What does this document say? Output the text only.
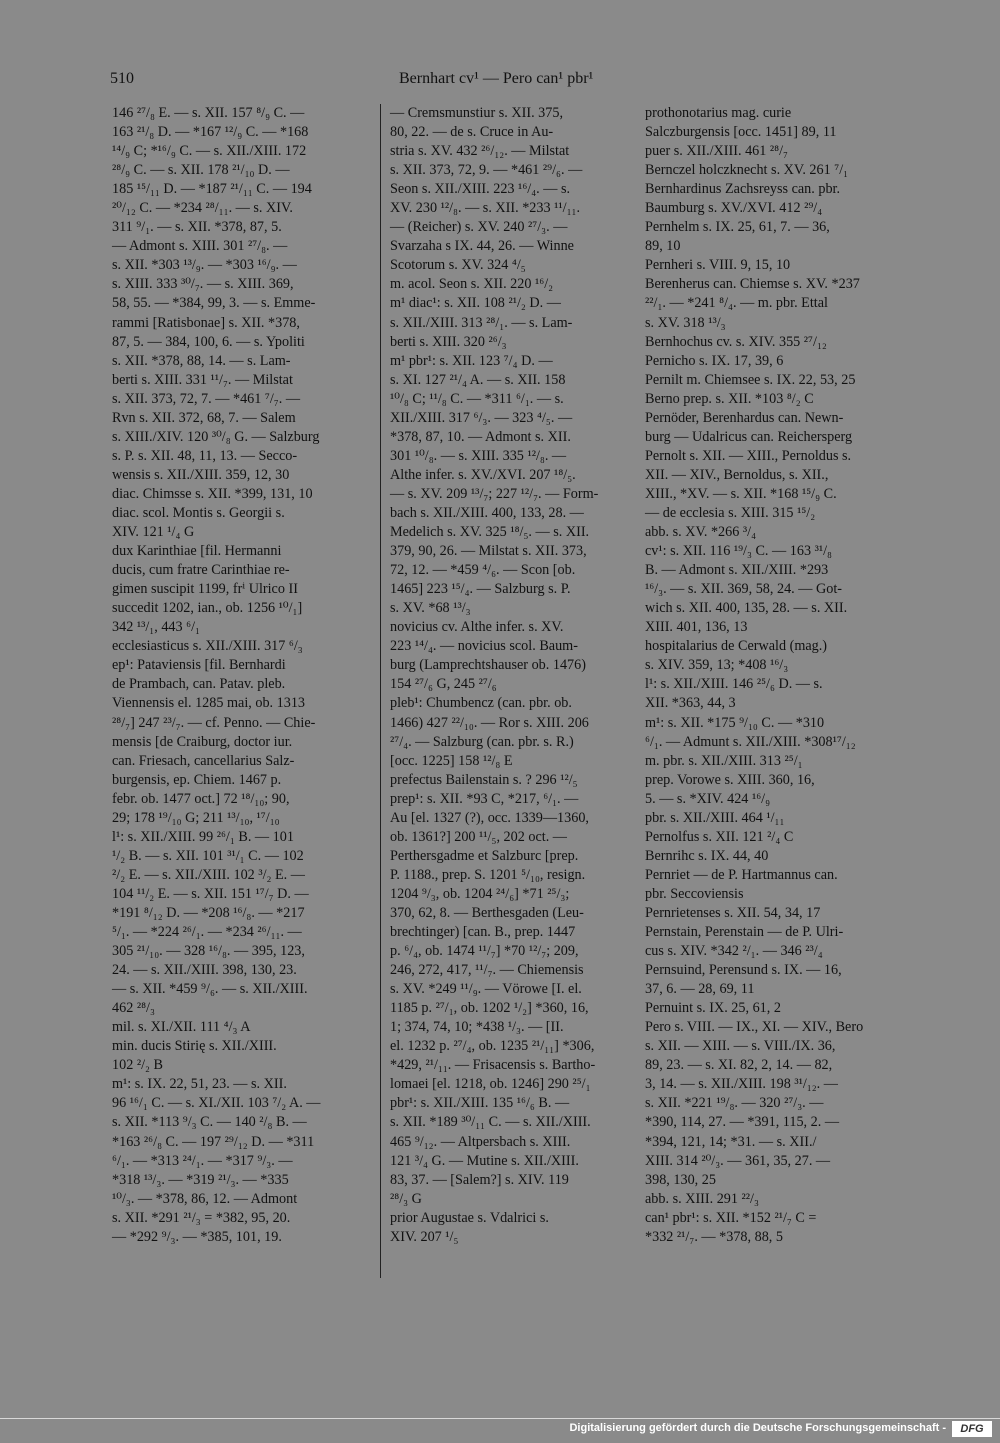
510	Bernhart cv¹ — Pero can¹ pbr¹
146 ²⁷/₈ E. — s. XII. 157 ⁸/₉ C. —
163 ²¹/₈ D. — *167 ¹²/₉ C. — *168
¹⁴/₉ C; *¹⁶/₉ C. — s. XII./XIII. 172
²⁸/₉ C. — s. XII. 178 ²¹/₁₀ D. —
185 ¹⁵/₁₁ D. — *187 ²¹/₁₁ C. — 194
²⁰/₁₂ C. — *234 ²⁸/₁₁. — s. XIV.
311 ⁹/₁. — s. XII. *378, 87, 5.
— Admont s. XIII. 301 ²⁷/₈. —
s. XII. *303 ¹³/₉. — *303 ¹⁶/₉. —
s. XIII. 333 ³⁰/₇. — s. XIII. 369,
58, 55. — *384, 99, 3. — s. Emme-
rammi [Ratisbonae] s. XII. *378,
87, 5. — 384, 100, 6. — s. Ypoliti
s. XII. *378, 88, 14. — s. Lam-
berti s. XIII. 331 ¹¹/₇. — Milstat
s. XII. 373, 72, 7. — *461 ⁷/₇. —
Rvn s. XII. 372, 68, 7. — Salem
s. XIII./XIV. 120 ³⁰/₈ G. — Salzburg
s. P. s. XII. 48, 11, 13. — Secco-
wensis s. XII./XIII. 359, 12, 30
diac. Chimsse s. XII. *399, 131, 10
diac. scol. Montis s. Georgii s.
XIV. 121 ¹/₄ G
dux Karinthiae [fil. Hermanni
ducis, cum fratre Carinthiae re-
gimen suscipit 1199, frⁱ Ulrico II
succedit 1202, ian., ob. 1256 ¹⁰/₁]
342 ¹³/₁, 443 ⁶/₁
ecclesiasticus s. XII./XIII. 317 ⁶/₃
ep¹: Pataviensis [fil. Bernhardi
de Prambach, can. Patav. pleb.
Viennensis el. 1285 mai, ob. 1313
²⁸/₇] 247 ²³/₇. — cf. Penno. — Chie-
mensis [de Craiburg, doctor iur.
can. Friesach, cancellarius Salz-
burgensis, ep. Chiem. 1467 p.
febr. ob. 1477 oct.] 72 ¹⁸/₁₀; 90,
29; 178 ¹⁹/₁₀ G; 211 ¹³/₁₀, ¹⁷/₁₀
l¹: s. XII./XIII. 99 ²⁶/₁ B. — 101
¹/₂ B. — s. XII. 101 ³¹/₁ C. — 102
²/₂ E. — s. XII./XIII. 102 ³/₂ E. —
104 ¹¹/₂ E. — s. XII. 151 ¹⁷/₇ D. —
*191 ⁸/₁₂ D. — *208 ¹⁶/₈. — *217
⁵/₁. — *224 ²⁶/₁. — *234 ²⁶/₁₁. —
305 ²¹/₁₀. — 328 ¹⁶/₈. — 395, 123,
24. — s. XII./XIII. 398, 130, 23.
— s. XII. *459 ⁹/₆. — s. XII./XIII.
462 ²⁸/₃
mil. s. XI./XII. 111 ⁴/₃ A
min. ducis Stirię s. XII./XIII.
102 ²/₂ B
m¹: s. IX. 22, 51, 23. — s. XII.
96 ¹⁶/₁ C. — s. XI./XII. 103 ⁷/₂ A. —
s. XII. *113 ⁹/₃ C. — 140 ²/₈ B. —
*163 ²⁶/₈ C. — 197 ²⁹/₁₂ D. — *311
⁶/₁. — *313 ²⁴/₁. — *317 ⁹/₃. —
*318 ¹³/₃. — *319 ²¹/₃. — *335
¹⁰/₃. — *378, 86, 12. — Admont
s. XII. *291 ²¹/₃ = *382, 95, 20.
— *292 ⁹/₃. — *385, 101, 19.
— Cremsmunstiur s. XII. 375,
80, 22. — de s. Cruce in Au-
stria s. XV. 432 ²⁶/₁₂. — Milstat
s. XII. 373, 72, 9. — *461 ²⁹/₆. —
Seon s. XII./XIII. 223 ¹⁶/₄. — s.
XV. 230 ¹²/₈. — s. XII. *233 ¹¹/₁₁.
— (Reicher) s. XV. 240 ²⁷/₃. —
Svarzaha s IX. 44, 26. — Winne
Scotorum s. XV. 324 ⁴/₅
m. acol. Seon s. XII. 220 ¹⁶/₂
m¹ diac¹: s. XII. 108 ²¹/₂ D. —
s. XII./XIII. 313 ²⁸/₁. — s. Lam-
berti s. XIII. 320 ²⁶/₃
m¹ pbr¹: s. XII. 123 ⁷/₄ D. —
s. XI. 127 ²¹/₄ A. — s. XII. 158
¹⁰/₈ C; ¹¹/₈ C. — *311 ⁶/₁. — s.
XII./XIII. 317 ⁶/₃. — 323 ⁴/₅. —
*378, 87, 10. — Admont s. XII.
301 ¹⁰/₈. — s. XIII. 335 ¹²/₈. —
Althe infer. s. XV./XVI. 207 ¹⁸/₅.
— s. XV. 209 ¹³/₇; 227 ¹²/₇. — Form-
bach s. XII./XIII. 400, 133, 28. —
Medelich s. XV. 325 ¹⁸/₅. — s. XII.
379, 90, 26. — Milstat s. XII. 373,
72, 12. — *459 ⁴/₆. — Scon [ob.
1465] 223 ¹⁵/₄. — Salzburg s. P.
s. XV. *68 ¹³/₃
novicius cv. Althe infer. s. XV.
223 ¹⁴/₄. — novicius scol. Baum-
burg (Lamprechtshauser ob. 1476)
154 ²⁷/₆ G, 245 ²⁷/₆
pleb¹: Chumbencz (can. pbr. ob.
1466) 427 ²²/₁₀. — Ror s. XIII. 206
²⁷/₄. — Salzburg (can. pbr. s. R.)
[occ. 1225] 158 ¹²/₈ E
prefectus Bailenstain s. ? 296 ¹²/₅
prep¹: s. XII. *93 C, *217, ⁶/₁. —
Au [el. 1327 (?), occ. 1339—1360,
ob. 1361?] 200 ¹¹/₅, 202 oct. —
Perthersgadme et Salzburc [prep.
P. 1188., prep. S. 1201 ⁵/₁₀, resign.
1204 ⁹/₃, ob. 1204 ²⁴/₆] *71 ²⁵/₃;
370, 62, 8. — Berthesgaden (Leu-
brechtinger) [can. B., prep. 1447
p. ⁶/₄, ob. 1474 ¹¹/₇] *70 ¹²/₇; 209,
246, 272, 417, ¹¹/₇. — Chiemensis
s. XV. *249 ¹¹/₉. — Vörowe [I. el.
1185 p. ²⁷/₁, ob. 1202 ¹/₂] *360, 16,
1; 374, 74, 10; *438 ¹/₃. — [II.
el. 1232 p. ²⁷/₄, ob. 1235 ²¹/₁₁] *306,
*429, ²¹/₁₁. — Frisacensis s. Bartho-
lomaei [el. 1218, ob. 1246] 290 ²⁵/₁
pbr¹: s. XII./XIII. 135 ¹⁶/₆ B. —
s. XII. *189 ³⁰/₁₁ C. — s. XII./XIII.
465 ⁹/₁₂. — Altpersbach s. XIII.
121 ³/₄ G. — Mutine s. XII./XIII.
83, 37. — [Salem?] s. XIV. 119
²⁸/₃ G
prior Augustae s. Vdalrici s.
XIV. 207 ¹/₅
prothonotarius mag. curie
Salczburgensis [occ. 1451] 89, 11
puer s. XII./XIII. 461 ²⁸/₇
Bernczel holczknecht s. XV. 261 ⁷/₁
Bernhardinus Zachsreyss can. pbr.
Baumburg s. XV./XVI. 412 ²⁹/₄
Pernhelm s. IX. 25, 61, 7. — 36,
89, 10
Pernheri s. VIII. 9, 15, 10
Berenherus can. Chiemse s. XV. *237
²²/₁. — *241 ⁸/₄. — m. pbr. Ettal
s. XV. 318 ¹³/₃
Bernhochus cv. s. XIV. 355 ²⁷/₁₂
Pernicho s. IX. 17, 39, 6
Pernilt m. Chiemsee s. IX. 22, 53, 25
Berno prep. s. XII. *103 ⁸/₂ C
Pernöder, Berenhardus can. Newn-
burg — Udalricus can. Reichersperg
Pernolt s. XII. — XIII., Pernoldus s.
XII. — XIV., Bernoldus, s. XII.,
XIII., *XV. — s. XII. *168 ¹⁵/₉ C.
— de ecclesia s. XIII. 315 ¹⁵/₂
abb. s. XV. *266 ³/₄
cv¹: s. XII. 116 ¹⁹/₃ C. — 163 ³¹/₈
B. — Admont s. XII./XIII. *293
¹⁶/₃. — s. XII. 369, 58, 24. — Got-
wich s. XII. 400, 135, 28. — s. XII.
XIII. 401, 136, 13
hospitalarius de Cerwald (mag.)
s. XIV. 359, 13; *408 ¹⁶/₃
l¹: s. XII./XIII. 146 ²⁵/₆ D. — s.
XII. *363, 44, 3
m¹: s. XII. *175 ⁹/₁₀ C. — *310
⁶/₁. — Admunt s. XII./XIII. *308¹⁷/₁₂
m. pbr. s. XII./XIII. 313 ²⁵/₁
prep. Vorowe s. XIII. 360, 16,
5. — s. *XIV. 424 ¹⁶/₉
pbr. s. XII./XIII. 464 ¹/₁₁
Pernolfus s. XII. 121 ²/₄ C
Bernrihc s. IX. 44, 40
Pernriet — de P. Hartmannus can.
pbr. Seccoviensis
Pernrietenses s. XII. 54, 34, 17
Pernstain, Perenstain — de P. Ulri-
cus s. XIV. *342 ²/₁. — 346 ²³/₄
Pernsuind, Perensund s. IX. — 16,
37, 6. — 28, 69, 11
Pernuint s. IX. 25, 61, 2
Pero s. VIII. — IX., XI. — XIV., Bero
s. XII. — XIII. — s. VIII./IX. 36,
89, 23. — s. XI. 82, 2, 14. — 82,
3, 14. — s. XII./XIII. 198 ³¹/₁₂. —
s. XII. *221 ¹⁹/₈. — 320 ²⁷/₃. —
*390, 114, 27. — *391, 115, 2. —
*394, 121, 14; *31. — s. XII./
XIII. 314 ²⁰/₃. — 361, 35, 27. —
398, 130, 25
abb. s. XIII. 291 ²²/₃
can¹ pbr¹: s. XII. *152 ²¹/₇ C =
*332 ²¹/₇. — *378, 88, 5
Digitalisierung gefördert durch die Deutsche Forschungsgemeinschaft -	DFG
